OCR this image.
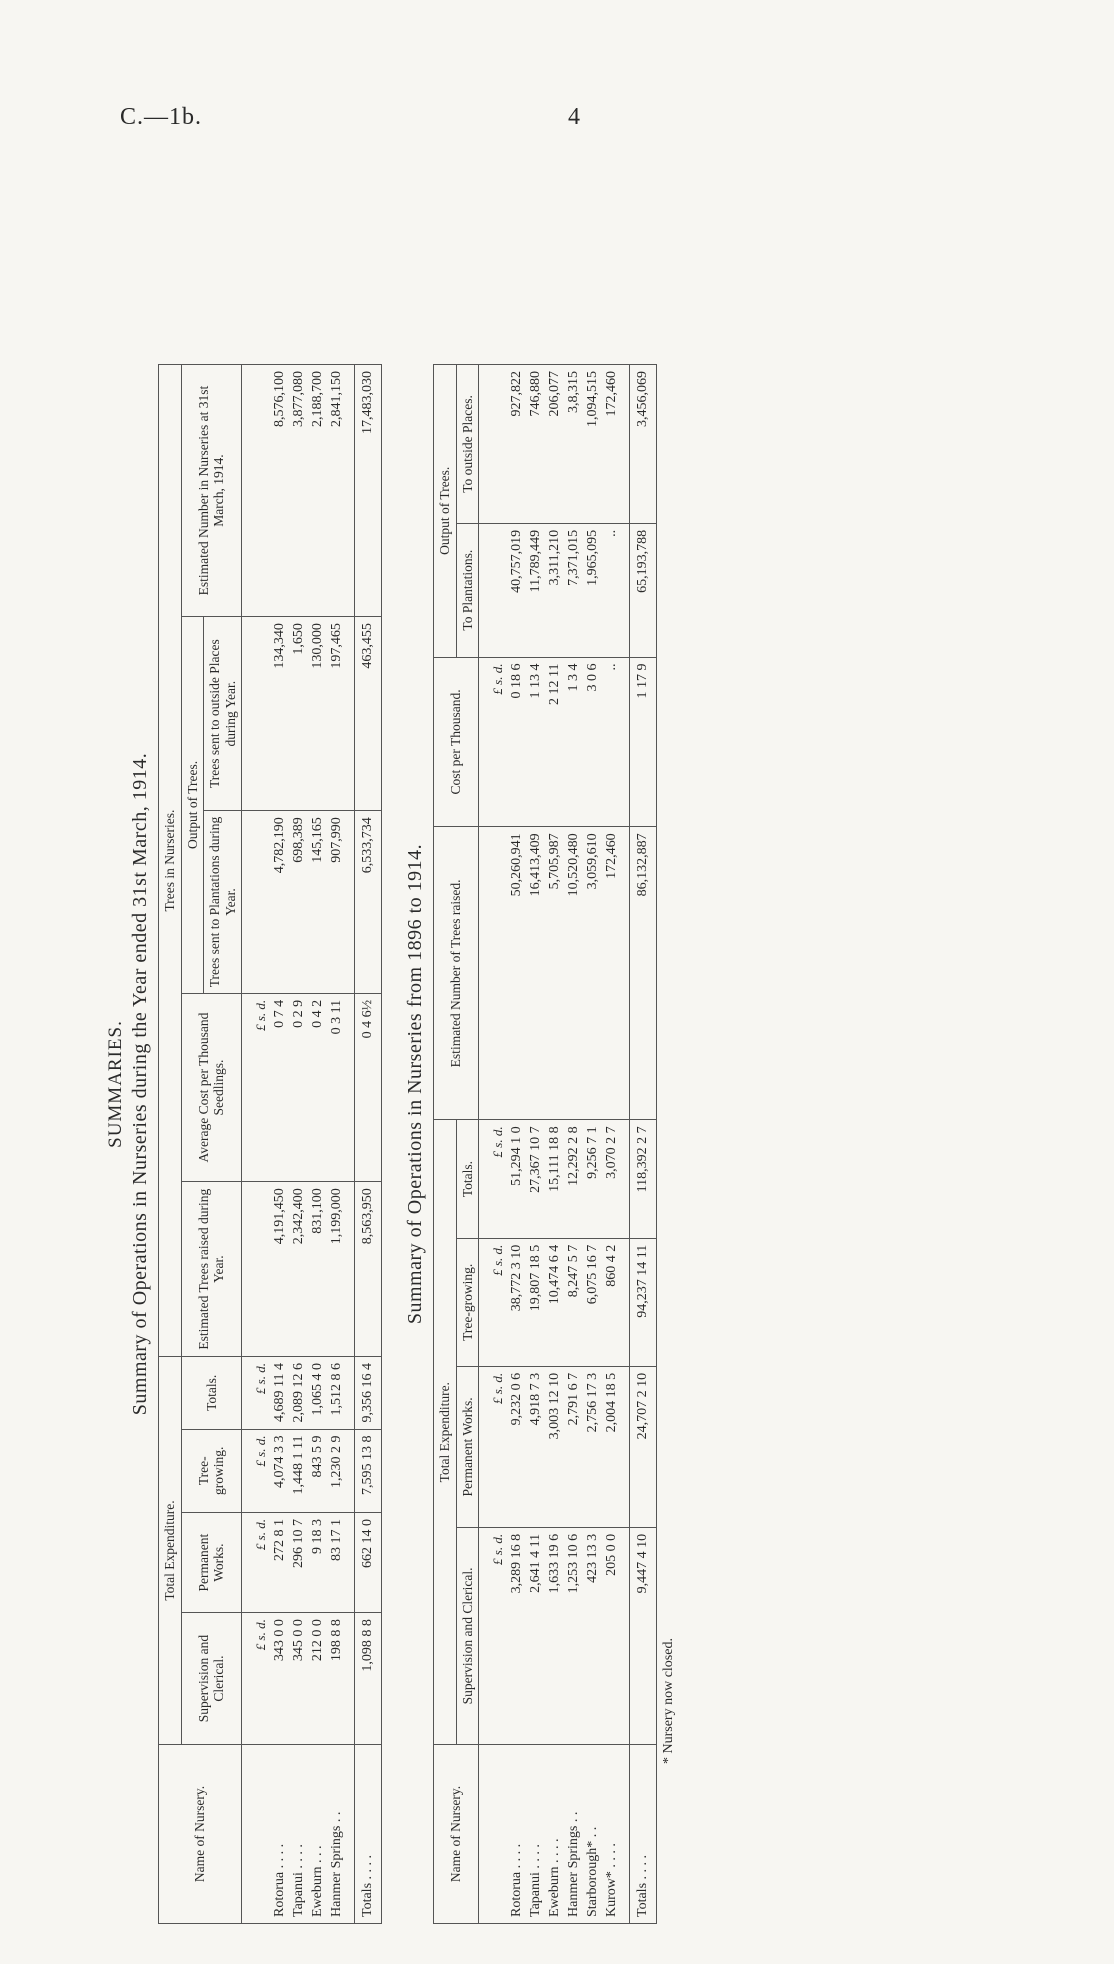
C.—1b.	4
SUMMARIES. Summary of Operations in Nurseries during the Year ended 31st March, 1914.
Name of Nursery.	Total Expenditure.				Trees in Nurseries.				
	Supervision and Clerical.	Permanent Works.	Tree-growing.	Totals.	Estimated Trees raised during Year.	Average Cost per Thousand Seedlings.	Output of Trees.		Estimated Number in Nurseries at 31st March, 1914.
							Trees sent to Plantations during Year.	Trees sent to outside Places during Year.	
	£ s. d.	£ s. d.	£ s. d.	£ s. d.		£ s. d.			
Rotorua . . . .	343 0 0	272 8 1	4,074 3 3	4,689 11 4	4,191,450	0 7 4	4,782,190	134,340	8,576,100
Tapanui . . . .	345 0 0	296 10 7	1,448 1 11	2,089 12 6	2,342,400	0 2 9	698,389	1,650	3,877,080
Eweburn . . .	212 0 0	9 18 3	843 5 9	1,065 4 0	831,100	0 4 2	145,165	130,000	2,188,700
Hanmer Springs . .	198 8 8	83 17 1	1,230 2 9	1,512 8 6	1,199,000	0 3 11	907,990	197,465	2,841,150

Totals . . . .	1,098 8 8	662 14 0	7,595 13 8	9,356 16 4	8,563,950	0 4 6½	6,533,734	463,455	17,483,030
Summary of Operations in Nurseries from 1896 to 1914.
Name of Nursery.	Total Expenditure.				Estimated Number of Trees raised.	Cost per Thousand.	Output of Trees.	
	Supervision and Clerical.	Permanent Works.	Tree-growing.	Totals.			To Plantations.	To outside Places.
	£ s. d.	£ s. d.	£ s. d.	£ s. d.		£ s. d.		
Rotorua . . . .	3,289 16 8	9,232 0 6	38,772 3 10	51,294 1 0	50,260,941	0 18 6	40,757,019	927,822
Tapanui . . . .	2,641 4 11	4,918 7 3	19,807 18 5	27,367 10 7	16,413,409	1 13 4	11,789,449	746,880
Eweburn . . . .	1,633 19 6	3,003 12 10	10,474 6 4	15,111 18 8	5,705,987	2 12 11	3,311,210	206,077
Hanmer Springs . .	1,253 10 6	2,791 6 7	8,247 5 7	12,292 2 8	10,520,480	1 3 4	7,371,015	3,8,315
Starborough* . .	423 13 3	2,756 17 3	6,075 16 7	9,256 7 1	3,059,610	3 0 6	1,965,095	1,094,515
Kurow* . . . .	205 0 0	2,004 18 5	860 4 2	3,070 2 7	172,460	..	..	172,460

Totals . . . .	9,447 4 10	24,707 2 10	94,237 14 11	118,392 2 7	86,132,887	1 17 9	65,193,788	3,456,069
* Nursery now closed.
